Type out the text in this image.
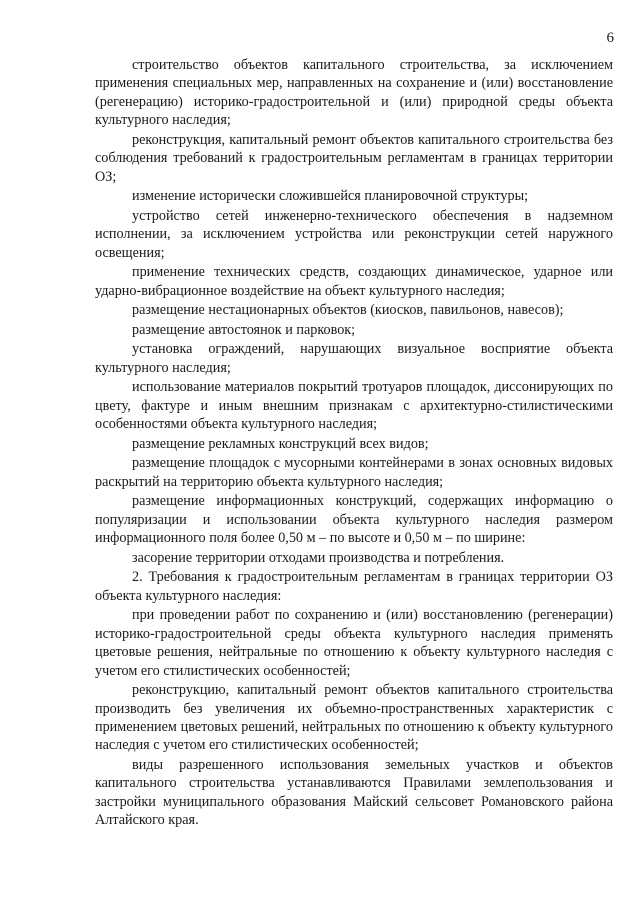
6

строительство объектов капитального строительства, за исключением применения специальных мер, направленных на сохранение и (или) восстановление (регенерацию) историко-градостроительной и (или) природной среды объекта культурного наследия;

реконструкция, капитальный ремонт объектов капитального строительства без соблюдения требований к градостроительным регламентам в границах территории ОЗ;

изменение исторически сложившейся планировочной структуры;

устройство сетей инженерно-технического обеспечения в надземном исполнении, за исключением устройства или реконструкции сетей наружного освещения;

применение технических средств, создающих динамическое, ударное или ударно-вибрационное воздействие на объект культурного наследия;

размещение нестационарных объектов (киосков, павильонов, навесов);

размещение автостоянок и парковок;

установка ограждений, нарушающих визуальное восприятие объекта культурного наследия;

использование материалов покрытий тротуаров площадок, диссонирующих по цвету, фактуре и иным внешним признакам с архитектурно-стилистическими особенностями объекта культурного наследия;

размещение рекламных конструкций всех видов;

размещение площадок с мусорными контейнерами в зонах основных видовых раскрытий на территорию объекта культурного наследия;

размещение информационных конструкций, содержащих информацию о популяризации и использовании объекта культурного наследия размером информационного поля более 0,50 м – по высоте и 0,50 м – по ширине:

засорение территории отходами производства и потребления.

2. Требования к градостроительным регламентам в границах территории ОЗ объекта культурного наследия:

при проведении работ по сохранению и (или) восстановлению (регенерации) историко-градостроительной среды объекта культурного наследия применять цветовые решения, нейтральные по отношению к объекту культурного наследия с учетом его стилистических особенностей;

реконструкцию, капитальный ремонт объектов капитального строительства производить без увеличения их объемно-пространственных характеристик с применением цветовых решений, нейтральных по отношению к объекту культурного наследия с учетом его стилистических особенностей;

виды разрешенного использования земельных участков и объектов капитального строительства устанавливаются Правилами землепользования и застройки муниципального образования Майский сельсовет Романовского района Алтайского края.
